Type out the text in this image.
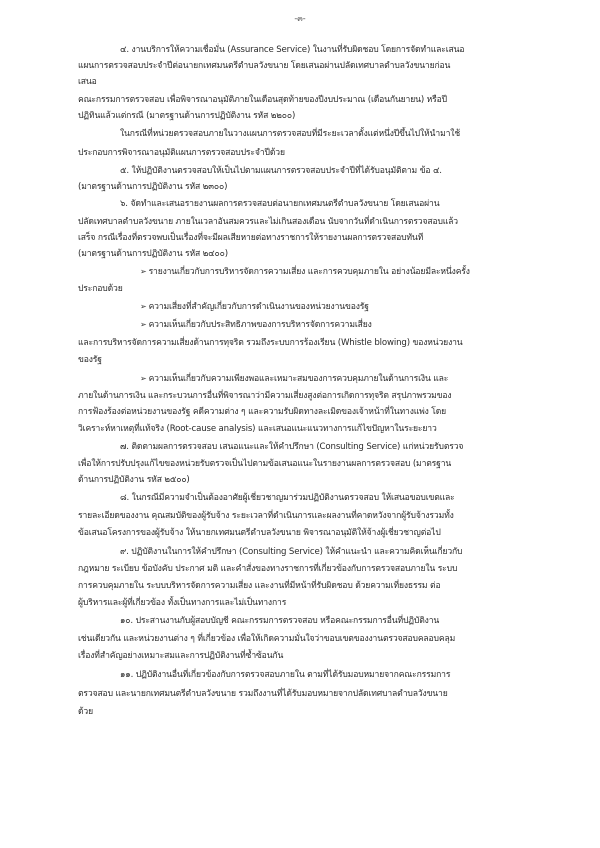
-๓-
๔. งานบริการให้ความเชื่อมั่น (Assurance Service) ในงานที่รับผิดชอบ โดยการจัดทำและเสนอ
แผนการตรวจสอบประจำปีต่อนายกเทศมนตรีตำบลวังขนาย โดยเสนอผ่านปลัดเทศบาลตำบลวังขนายก่อน
เสนอ
คณะกรรมการตรวจสอบ เพื่อพิจารณาอนุมัติภายในเดือนสุดท้ายของปีงบประมาณ (เดือนกันยายน) หรือปี
ปฏิทินแล้วแต่กรณี (มาตรฐานด้านการปฏิบัติงาน รหัส ๒๒๐๐)
ในกรณีที่หน่วยตรวจสอบภายในวางแผนการตรวจสอบที่มีระยะเวลาตั้งแต่หนึ่งปีขึ้นไปให้นำมาใช้
ประกอบการพิจารณาอนุมัติแผนการตรวจสอบประจำปีด้วย
๕. ให้ปฏิบัติงานตรวจสอบให้เป็นไปตามแผนการตรวจสอบประจำปีที่ได้รับอนุมัติตาม ข้อ ๔.
(มาตรฐานด้านการปฏิบัติงาน รหัส ๒๓๐๐)
๖. จัดทำและเสนอรายงานผลการตรวจสอบต่อนายกเทศมนตรีตำบลวังขนาย โดยเสนอผ่าน
ปลัดเทศบาลตำบลวังขนาย ภายในเวลาอันสมควรและไม่เกินสองเดือน นับจากวันที่ดำเนินการตรวจสอบแล้ว
เสร็จ กรณีเรื่องที่ตรวจพบเป็นเรื่องที่จะมีผลเสียหายต่อทางราชการให้รายงานผลการตรวจสอบทันที
(มาตรฐานด้านการปฏิบัติงาน รหัส ๒๔๐๐)
➢ รายงานเกี่ยวกับการบริหารจัดการความเสี่ยง และการควบคุมภายใน อย่างน้อยมีละหนึ่งครั้ง
ประกอบด้วย
➢ ความเสี่ยงที่สำคัญเกี่ยวกับการดำเนินงานของหน่วยงานของรัฐ
➢ ความเห็นเกี่ยวกับประสิทธิภาพของการบริหารจัดการความเสี่ยง
และการบริหารจัดการความเสี่ยงด้านการทุจริต รวมถึงระบบการร้องเรียน (Whistle blowing) ของหน่วยงาน
ของรัฐ
➢ ความเห็นเกี่ยวกับความเพียงพอและเหมาะสมของการควบคุมภายในด้านการเงิน และ
ภายในด้านการเงิน และกระบวนการอื่นที่พิจารณาว่ามีความเสี่ยงสูงต่อการเกิดการทุจริต สรุปภาพรวมของ
การฟ้องร้องต่อหน่วยงานของรัฐ คดีความต่าง ๆ และความรับผิดทางละเมิดของเจ้าหน้าที่ในทางแพ่ง โดย
วิเคราะห์หาเหตุที่แท้จริง (Root-cause analysis) และเสนอแนะแนวทางการแก้ไขปัญหาในระยะยาว
๗. ติดตามผลการตรวจสอบ เสนอแนะและให้คำปรึกษา (Consulting Service) แก่หน่วยรับตรวจ
เพื่อให้การปรับปรุงแก้ไขของหน่วยรับตรวจเป็นไปตามข้อเสนอแนะในรายงานผลการตรวจสอบ (มาตรฐาน
ด้านการปฏิบัติงาน รหัส ๒๕๐๐)
๘. ในกรณีมีความจำเป็นต้องอาศัยผู้เชี่ยวชาญมาร่วมปฏิบัติงานตรวจสอบ ให้เสนอขอบเขตและ
รายละเอียดของงาน คุณสมบัติของผู้รับจ้าง ระยะเวลาที่ดำเนินการและผลงานที่คาดหวังจากผู้รับจ้างรวมทั้ง
ข้อเสนอโครงการของผู้รับจ้าง ให้นายกเทศมนตรีตำบลวังขนาย พิจารณาอนุมัติให้จ้างผู้เชี่ยวชาญต่อไป
๙. ปฏิบัติงานในการให้คำปรึกษา (Consulting Service) ให้คำแนะนำ และความคิดเห็นเกี่ยวกับ
กฎหมาย ระเบียบ ข้อบังคับ ประกาศ มติ และคำสั่งของทางราชการที่เกี่ยวข้องกับการตรวจสอบภายใน ระบบ
การควบคุมภายใน ระบบบริหารจัดการความเสี่ยง และงานที่มีหน้าที่รับผิดชอบ ด้วยความเที่ยงธรรม ต่อ
ผู้บริหารและผู้ที่เกี่ยวข้อง ทั้งเป็นทางการและไม่เป็นทางการ
๑๐. ประสานงานกับผู้สอบบัญชี คณะกรรมการตรวจสอบ หรือคณะกรรมการอื่นที่ปฏิบัติงาน
เช่นเดียวกัน และหน่วยงานต่าง ๆ ที่เกี่ยวข้อง เพื่อให้เกิดความมั่นใจว่าขอบเขตของงานตรวจสอบคลอบคลุม
เรื่องที่สำคัญอย่างเหมาะสมและการปฏิบัติงานที่ซ้ำซ้อนกัน
๑๑. ปฏิบัติงานอื่นที่เกี่ยวข้องกับการตรวจสอบภายใน ตามที่ได้รับมอบหมายจากคณะกรรมการ
ตรวจสอบ และนายกเทศมนตรีตำบลวังขนาย รวมถึงงานที่ได้รับมอบหมายจากปลัดเทศบาลตำบลวังขนาย
ด้วย
